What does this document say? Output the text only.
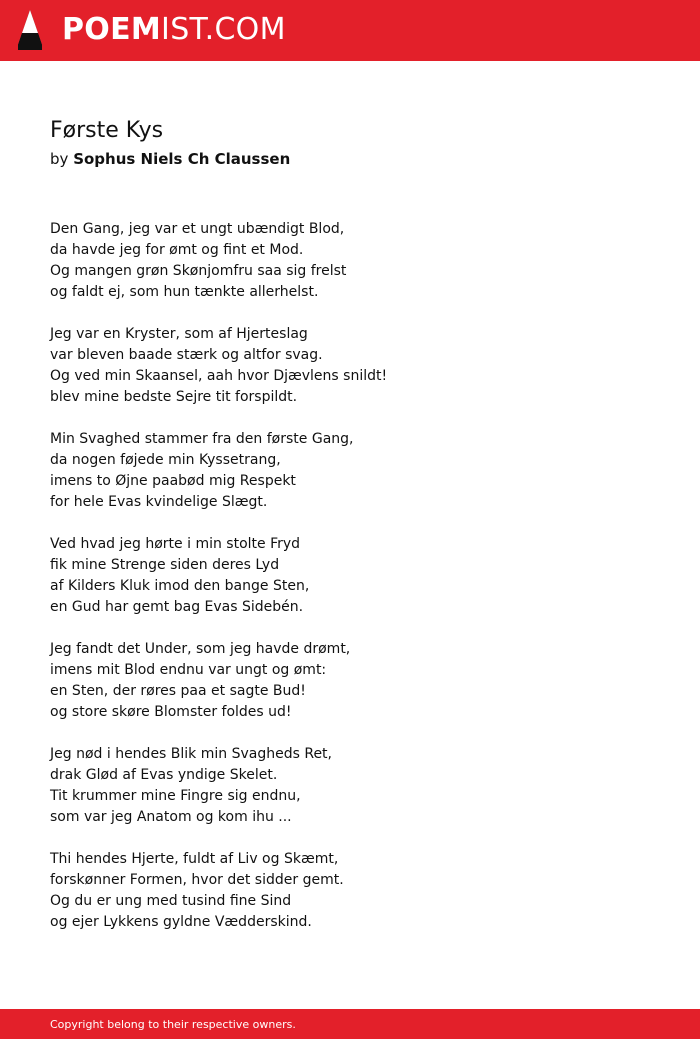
POEMIST.COM
Første Kys
by Sophus Niels Ch Claussen

Den Gang, jeg var et ungt ubændigt Blod,
da havde jeg for ømt og fint et Mod.
Og mangen grøn Skønjomfru saa sig frelst
og faldt ej, som hun tænkte allerhelst.

Jeg var en Kryster, som af Hjerteslag
var bleven baade stærk og altfor svag.
Og ved min Skaansel, aah hvor Djævlens snildt!
blev mine bedste Sejre tit forspildt.

Min Svaghed stammer fra den første Gang,
da nogen føjede min Kyssetrang,
imens to Øjne paabød mig Respekt
for hele Evas kvindelige Slægt.

Ved hvad jeg hørte i min stolte Fryd
fik mine Strenge siden deres Lyd
af Kilders Kluk imod den bange Sten,
en Gud har gemt bag Evas Sidebén.

Jeg fandt det Under, som jeg havde drømt,
imens mit Blod endnu var ungt og ømt:
en Sten, der røres paa et sagte Bud!
og store skøre Blomster foldes ud!

Jeg nød i hendes Blik min Svagheds Ret,
drak Glød af Evas yndige Skelet.
Tit krummer mine Fingre sig endnu,
som var jeg Anatom og kom ihu ...

Thi hendes Hjerte, fuldt af Liv og Skæmt,
forskønner Formen, hvor det sidder gemt.
Og du er ung med tusind fine Sind
og ejer Lykkens gyldne Vædderskind.

Copyright belong to their respective owners.
